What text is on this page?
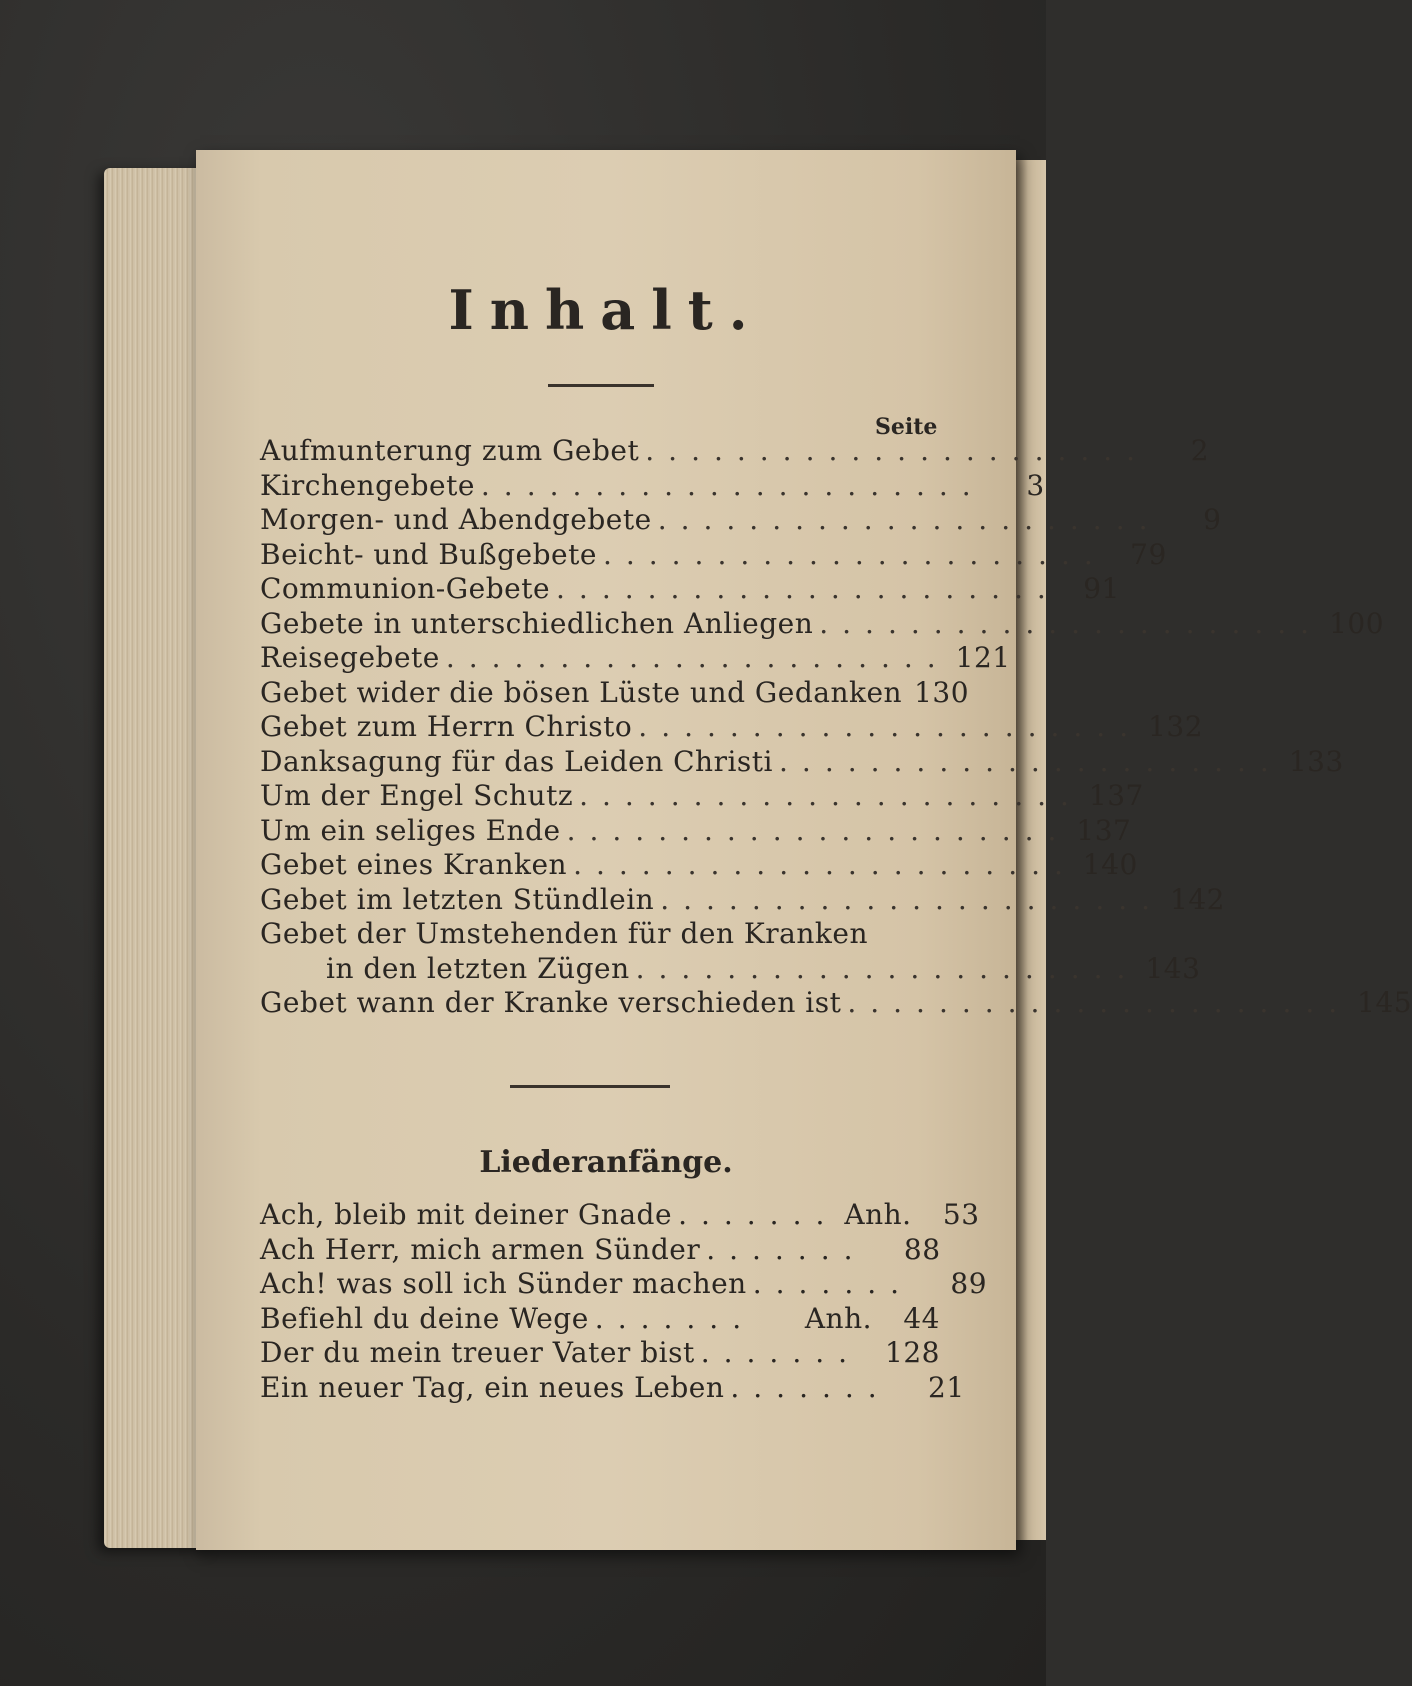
Inhalt.
Seite
Aufmunterung zum Gebet ......................	2
Kirchengebete ......................	3
Morgen- und Abendgebete ......................	9
Beicht- und Bußgebete ...................... 79
Communion-Gebete ...................... 91
Gebete in unterschiedlichen Anliegen ...................... 100
Reisegebete ...................... 121
Gebet wider die bösen Lüste und Gedanken 130
Gebet zum Herrn Christo ...................... 132
Danksagung für das Leiden Christi ...................... 133
Um der Engel Schutz ...................... 137
Um ein seliges Ende ...................... 137
Gebet eines Kranken ...................... 140
Gebet im letzten Stündlein ...................... 142
Gebet der Umstehenden für den Kranken
in den letzten Zügen ...................... 143
Gebet wann der Kranke verschieden ist ...................... 145
Liederanfänge.
Ach, bleib mit deiner Gnade ....... Anh.	53
Ach Herr, mich armen Sünder .......	88
Ach! was soll ich Sünder machen .......	89
Befiehl du deine Wege .......	Anh.	44
Der du mein treuer Vater bist ....... 128
Ein neuer Tag, ein neues Leben .......	21
